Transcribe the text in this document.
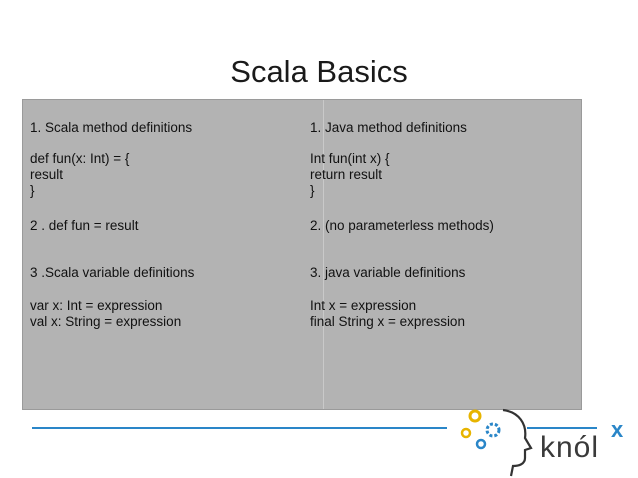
Scala Basics
1. Scala method definitions
def fun(x: Int) = {
result
}
2 . def fun = result
3 .Scala variable definitions
var x: Int = expression
val x: String = expression
1. Java method definitions
Int fun(int x) {
return result
}
2. (no parameterless methods)
3. java variable definitions
Int x = expression
final String x = expression
knól
x
